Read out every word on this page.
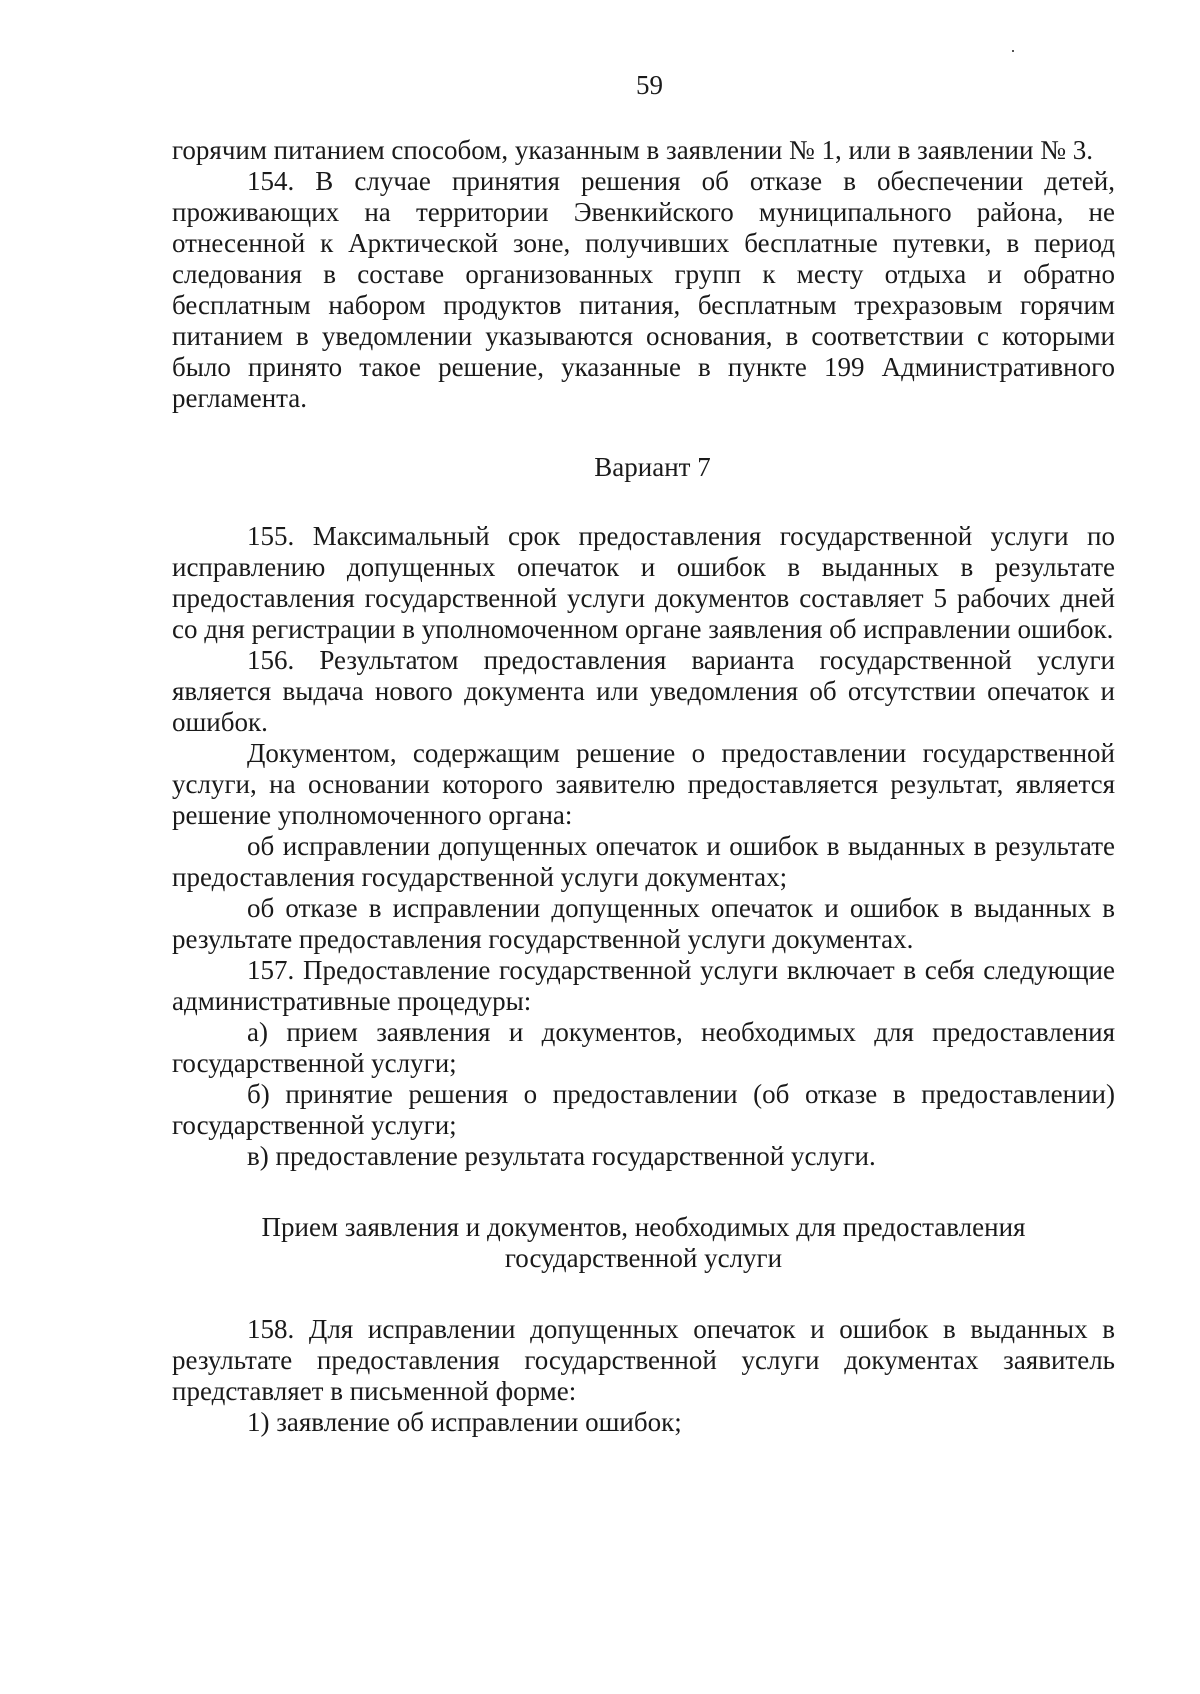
59

горячим питанием способом, указанным в заявлении № 1, или в заявлении № 3.

154. В случае принятия решения об отказе в обеспечении детей, проживающих на территории Эвенкийского муниципального района, не отнесенной к Арктической зоне, получивших бесплатные путевки, в период следования в составе организованных групп к месту отдыха и обратно бесплатным набором продуктов питания, бесплатным трехразовым горячим питанием в уведомлении указываются основания, в соответствии с которыми было принято такое решение, указанные в пункте 199 Административного регламента.

Вариант 7

155. Максимальный срок предоставления государственной услуги по исправлению допущенных опечаток и ошибок в выданных в результате предоставления государственной услуги документов составляет 5 рабочих дней со дня регистрации в уполномоченном органе заявления об исправлении ошибок.

156. Результатом предоставления варианта государственной услуги является выдача нового документа или уведомления об отсутствии опечаток и ошибок.

Документом, содержащим решение о предоставлении государственной услуги, на основании которого заявителю предоставляется результат, является решение уполномоченного органа:

об исправлении допущенных опечаток и ошибок в выданных в результате предоставления государственной услуги документах;

об отказе в исправлении допущенных опечаток и ошибок в выданных в результате предоставления государственной услуги документах.

157. Предоставление государственной услуги включает в себя следующие административные процедуры:

а) прием заявления и документов, необходимых для предоставления государственной услуги;

б) принятие решения о предоставлении (об отказе в предоставлении) государственной услуги;

в) предоставление результата государственной услуги.

Прием заявления и документов, необходимых для предоставления
государственной услуги

158. Для исправлении допущенных опечаток и ошибок в выданных в результате предоставления государственной услуги документах заявитель представляет в письменной форме:

1) заявление об исправлении ошибок;
